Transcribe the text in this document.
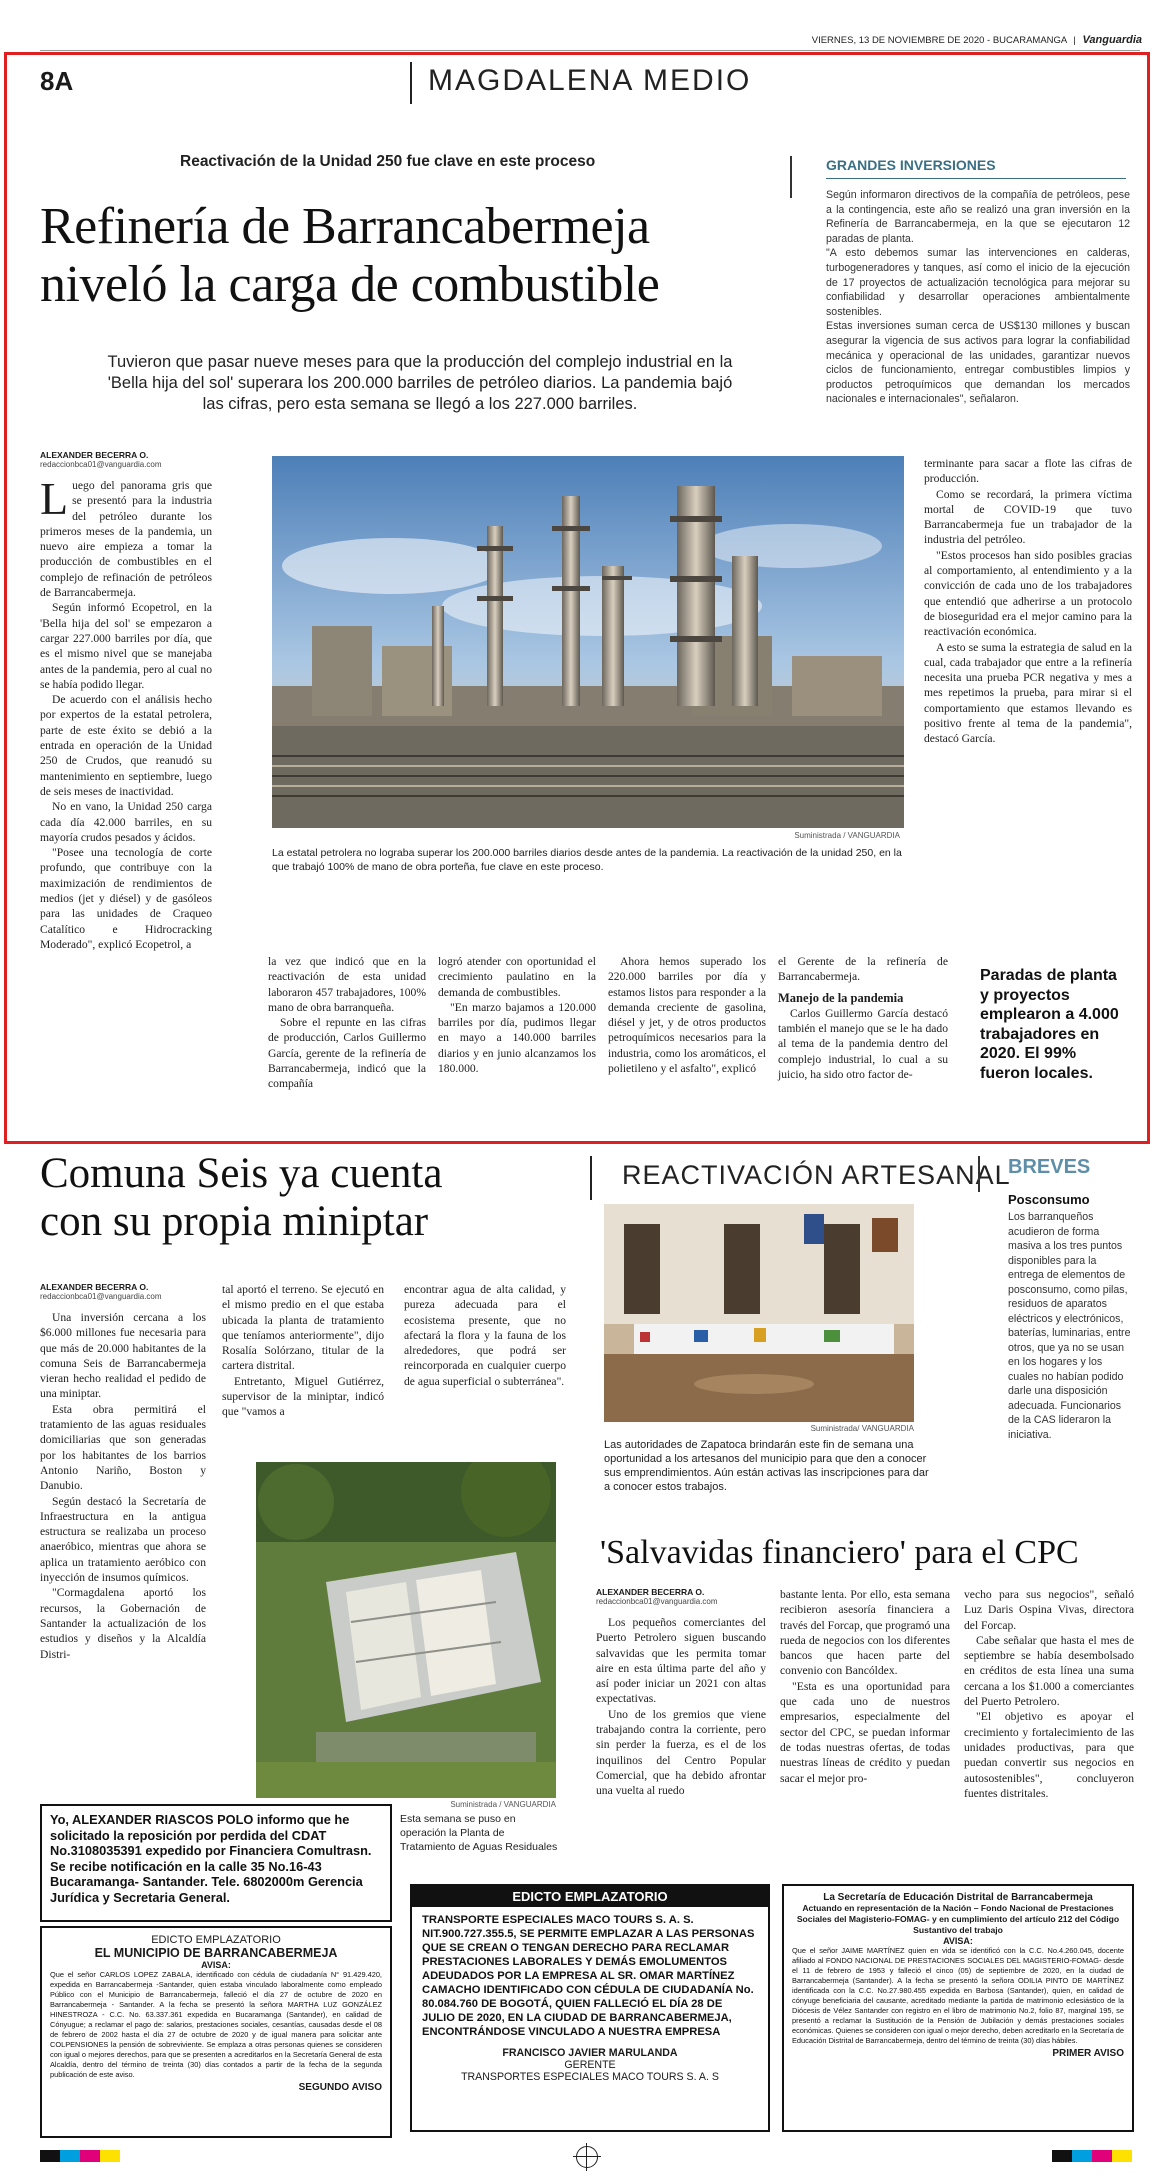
VIERNES, 13 DE NOVIEMBRE DE 2020 - BUCARAMANGA | Vanguardia
8A	MAGDALENA MEDIO
Reactivación de la Unidad 250 fue clave en este proceso
Refinería de Barrancabermeja
niveló la carga de combustible
Tuvieron que pasar nueve meses para que la producción del complejo industrial en la 'Bella hija del sol' superara los 200.000 barriles de petróleo diarios. La pandemia bajó las cifras, pero esta semana se llegó a los 227.000 barriles.
GRANDES INVERSIONES
Según informaron directivos de la compañía de petróleos, pese a la contingencia, este año se realizó una gran inversión en la Refinería de Barrancabermeja, en la que se ejecutaron 12 paradas de planta.
"A esto debemos sumar las intervenciones en calderas, turbogeneradores y tanques, así como el inicio de la ejecución de 17 proyectos de actualización tecnológica para mejorar su confiabilidad y desarrollar operaciones ambientalmente sostenibles.
Estas inversiones suman cerca de US$130 millones y buscan asegurar la vigencia de sus activos para lograr la confiabilidad mecánica y operacional de las unidades, garantizar nuevos ciclos de funcionamiento, entregar combustibles limpios y productos petroquímicos que demandan los mercados nacionales e internacionales", señalaron.
ALEXANDER BECERRA O.
redaccionbca01@vanguardia.com

Luego del panorama gris que se presentó para la industria del petróleo durante los primeros meses de la pandemia, un nuevo aire empieza a tomar la producción de combustibles en el complejo de refinación de petróleos de Barrancabermeja.

Según informó Ecopetrol, en la 'Bella hija del sol' se empezaron a cargar 227.000 barriles por día, que es el mismo nivel que se manejaba antes de la pandemia, pero al cual no se había podido llegar.

De acuerdo con el análisis hecho por expertos de la estatal petrolera, parte de este éxito se debió a la entrada en operación de la Unidad 250 de Crudos, que reanudó su mantenimiento en septiembre, luego de seis meses de inactividad.

No en vano, la Unidad 250 carga cada día 42.000 barriles, en su mayoría crudos pesados y ácidos.

"Posee una tecnología de corte profundo, que contribuye con la maximización de rendimientos de medios (jet y diésel) y de gasóleos para las unidades de Craqueo Catalítico e Hidrocracking Moderado", explicó Ecopetrol, a

Suministrada / VANGUARDIA
La estatal petrolera no lograba superar los 200.000 barriles diarios desde antes de la pandemia. La reactivación de la unidad 250, en la que trabajó 100% de mano de obra porteña, fue clave en este proceso.

terminante para sacar a flote las cifras de producción.

Como se recordará, la primera víctima mortal de COVID-19 que tuvo Barrancabermeja fue un trabajador de la industria del petróleo.

"Estos procesos han sido posibles gracias al comportamiento, al entendimiento y a la convicción de cada uno de los trabajadores que entendió que adherirse a un protocolo de bioseguridad era el mejor camino para la reactivación económica.

A esto se suma la estrategia de salud en la cual, cada trabajador que entre a la refinería necesita una prueba PCR negativa y mes a mes repetimos la prueba, para mirar si el comportamiento que estamos llevando es positivo frente al tema de la pandemia", destacó García.

la vez que indicó que en la reactivación de esta unidad laboraron 457 trabajadores, 100% mano de obra barranqueña.

Sobre el repunte en las cifras de producción, Carlos Guillermo García, gerente de la refinería de Barrancabermeja, indicó que la compañía

logró atender con oportunidad el crecimiento paulatino en la demanda de combustibles.

"En marzo bajamos a 120.000 barriles por día, pudimos llegar en mayo a 140.000 barriles diarios y en junio alcanzamos los 180.000.

Ahora hemos superado los 220.000 barriles por día y estamos listos para responder a la demanda creciente de gasolina, diésel y jet, y de otros productos petroquímicos necesarios para la industria, como los aromáticos, el polietileno y el asfalto", explicó

el Gerente de la refinería de Barrancabermeja.

Manejo de la pandemia

Carlos Guillermo García destacó también el manejo que se le ha dado al tema de la pandemia dentro del complejo industrial, lo cual a su juicio, ha sido otro factor de-

Paradas de planta y proyectos emplearon a 4.000 trabajadores en 2020. El 99% fueron locales.
Comuna Seis ya cuenta
con su propia miniptar
ALEXANDER BECERRA O.
redaccionbca01@vanguardia.com

Una inversión cercana a los $6.000 millones fue necesaria para que más de 20.000 habitantes de la comuna Seis de Barrancabermeja vieran hecho realidad el pedido de una miniptar.

Esta obra permitirá el tratamiento de las aguas residuales domiciliarias que son generadas por los habitantes de los barrios Antonio Nariño, Boston y Danubio.

Según destacó la Secretaría de Infraestructura en la antigua estructura se realizaba un proceso anaeróbico, mientras que ahora se aplica un tratamiento aeróbico con inyección de insumos químicos.

"Cormagdalena aportó los recursos, la Gobernación de Santander la actualización de los estudios y diseños y la Alcaldía Distri-

tal aportó el terreno. Se ejecutó en el mismo predio en el que estaba ubicada la planta de tratamiento que teníamos anteriormente", dijo Rosalía Solórzano, titular de la cartera distrital.

Entretanto, Miguel Gutiérrez, supervisor de la miniptar, indicó que "vamos a

encontrar agua de alta calidad, y pureza adecuada para el ecosistema presente, que no afectará la flora y la fauna de los alrededores, que podrá ser reincorporada en cualquier cuerpo de agua superficial o subterránea".

Suministrada / VANGUARDIA
Esta semana se puso en operación la Planta de Tratamiento de Aguas Residuales
REACTIVACIÓN ARTESANAL
Suministrada/ VANGUARDIA
Las autoridades de Zapatoca brindarán este fin de semana una oportunidad a los artesanos del municipio para que den a conocer sus emprendimientos. Aún están activas las inscripciones para dar a conocer estos trabajos.
BREVES
Posconsumo
Los barranqueños acudieron de forma masiva a los tres puntos disponibles para la entrega de elementos de posconsumo, como pilas, residuos de aparatos eléctricos y electrónicos, baterías, luminarias, entre otros, que ya no se usan en los hogares y los cuales no habían podido darle una disposición adecuada. Funcionarios de la CAS lideraron la iniciativa.
'Salvavidas financiero' para el CPC
ALEXANDER BECERRA O.
redaccionbca01@vanguardia.com

Los pequeños comerciantes del Puerto Petrolero siguen buscando salvavidas que les permita tomar aire en esta última parte del año y así poder iniciar un 2021 con altas expectativas.

Uno de los gremios que viene trabajando contra la corriente, pero sin perder la fuerza, es el de los inquilinos del Centro Popular Comercial, que ha debido afrontar una vuelta al ruedo

bastante lenta. Por ello, esta semana recibieron asesoría financiera a través del Forcap, que programó una rueda de negocios con los diferentes bancos que hacen parte del convenio con Bancóldex.

"Esta es una oportunidad para que cada uno de nuestros empresarios, especialmente del sector del CPC, se puedan informar de todas nuestras ofertas, de todas nuestras líneas de crédito y puedan sacar el mejor pro-

vecho para sus negocios", señaló Luz Daris Ospina Vivas, directora del Forcap.

Cabe señalar que hasta el mes de septiembre se había desembolsado en créditos de esta línea una suma cercana a los $1.000 a comerciantes del Puerto Petrolero.

"El objetivo es apoyar el crecimiento y fortalecimiento de las unidades productivas, para que puedan convertir sus negocios en autosostenibles", concluyeron fuentes distritales.

Yo, ALEXANDER RIASCOS POLO informo que he solicitado la reposición por perdida del CDAT No.3108035391 expedido por Financiera Comultrasn. Se recibe notificación en la calle 35 No.16-43 Bucaramanga- Santander. Tele. 6802000m Gerencia Jurídica y Secretaria General.
EDICTO EMPLAZATORIO
EL MUNICIPIO DE BARRANCABERMEJA
AVISA:
Que el señor CARLOS LOPEZ ZABALA, identificado con cédula de ciudadanía N° 91.429.420, expedida en Barrancabermeja -Santander, quien estaba vinculado laboralmente como empleado Público con el Municipio de Barrancabermeja, falleció el día 27 de octubre de 2020 en Barrancabermeja - Santander. A la fecha se presentó la señora MARTHA LUZ GONZÁLEZ HINESTROZA - C.C. No. 63.337.361 expedida en Bucaramanga (Santander), en calidad de Cónyugue; a reclamar el pago de: salarios, prestaciones sociales, cesantías, causadas desde el 08 de febrero de 2002 hasta el día 27 de octubre de 2020 y de igual manera para solicitar ante COLPENSIONES la pensión de sobreviviente. Se emplaza a otras personas quienes se consideren con igual o mejores derechos, para que se presenten a acreditarlos en la Secretaría General de esta Alcaldía, dentro del término de treinta (30) días contados a partir de la fecha de la segunda publicación de este aviso.
SEGUNDO AVISO
EDICTO EMPLAZATORIO
TRANSPORTE ESPECIALES MACO TOURS S. A. S. NIT.900.727.355.5, SE PERMITE EMPLAZAR A LAS PERSONAS QUE SE CREAN O TENGAN DERECHO PARA RECLAMAR PRESTACIONES LABORALES Y DEMÁS EMOLUMENTOS ADEUDADOS POR LA EMPRESA AL SR. OMAR MARTÍNEZ CAMACHO IDENTIFICADO CON CÉDULA DE CIUDADANÍA No. 80.084.760 DE BOGOTÁ, QUIEN FALLECIÓ EL DÍA 28 DE JULIO DE 2020, EN LA CIUDAD DE BARRANCABERMEJA, ENCONTRÁNDOSE VINCULADO A NUESTRA EMPRESA
FRANCISCO JAVIER MARULANDA
GERENTE
TRANSPORTES ESPECIALES MACO TOURS S. A. S
La Secretaría de Educación Distrital de Barrancabermeja
Actuando en representación de la Nación – Fondo Nacional de Prestaciones Sociales del Magisterio-FOMAG- y en cumplimiento del artículo 212 del Código Sustantivo del trabajo
AVISA:
Que el señor JAIME MARTÍNEZ quien en vida se identificó con la C.C. No.4.260.045, docente afiliado al FONDO NACIONAL DE PRESTACIONES SOCIALES DEL MAGISTERIO-FOMAG- desde el 11 de febrero de 1953 y falleció el cinco (05) de septiembre de 2020, en la ciudad de Barrancabermeja (Santander). A la fecha se presentó la señora ODILIA PINTO DE MARTÍNEZ identificada con la C.C. No.27.980.455 expedida en Barbosa (Santander), quien, en calidad de cónyuge beneficiaria del causante, acreditado mediante la partida de matrimonio eclesiástico de la Diócesis de Vélez Santander con registro en el libro de matrimonio No.2, folio 87, marginal 195, se presentó a reclamar la Sustitución de la Pensión de Jubilación y demás prestaciones sociales económicas. Quienes se consideren con igual o mejor derecho, deben acreditarlo en la Secretaría de Educación Distrital de Barrancabermeja, dentro del término de treinta (30) días hábiles.
PRIMER AVISO
